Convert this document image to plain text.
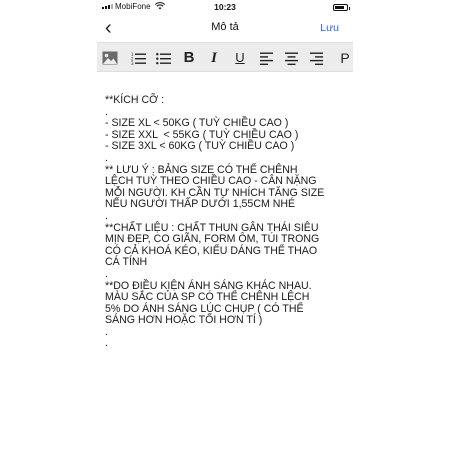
MobiFone	10:23
‹	Mô tả	Lưu
1
2
3	B	I	U	P
**KÍCH CỠ :
.
- SIZE XL < 50KG ( TUỲ CHIỀU CAO )
- SIZE XXL  < 55KG ( TUỲ CHIỀU CAO )
- SIZE 3XL < 60KG ( TUỲ CHIỀU CAO )
.
** LƯU Ý : BẢNG SIZE CÓ THỂ CHÊNH
LỆCH TUỲ THEO CHIỀU CAO - CÂN NẶNG
MỖI NGƯỜI. KH CẦN TỰ NHÍCH TĂNG SIZE
NẾU NGƯỜI THẤP DƯỚI 1,55CM NHÉ
.
**CHẤT LIỆU : CHẤT THUN GÂN THÁI SIÊU
MỊN ĐẸP, CO GIÃN, FORM ÔM, TÚI TRONG
CÓ CẢ KHOÁ KÉO, KIỂU DÁNG THỂ THAO
CÁ TÍNH
.
**DO ĐIỀU KIỆN ÁNH SÁNG KHÁC NHAU.
MÀU SẮC CỦA SP CÓ THỂ CHÊNH LỆCH
5% DO ÁNH SÁNG LÚC CHỤP ( CÓ THỂ
SÁNG HƠN HOẶC TỐI HƠN TÍ )
.
.
